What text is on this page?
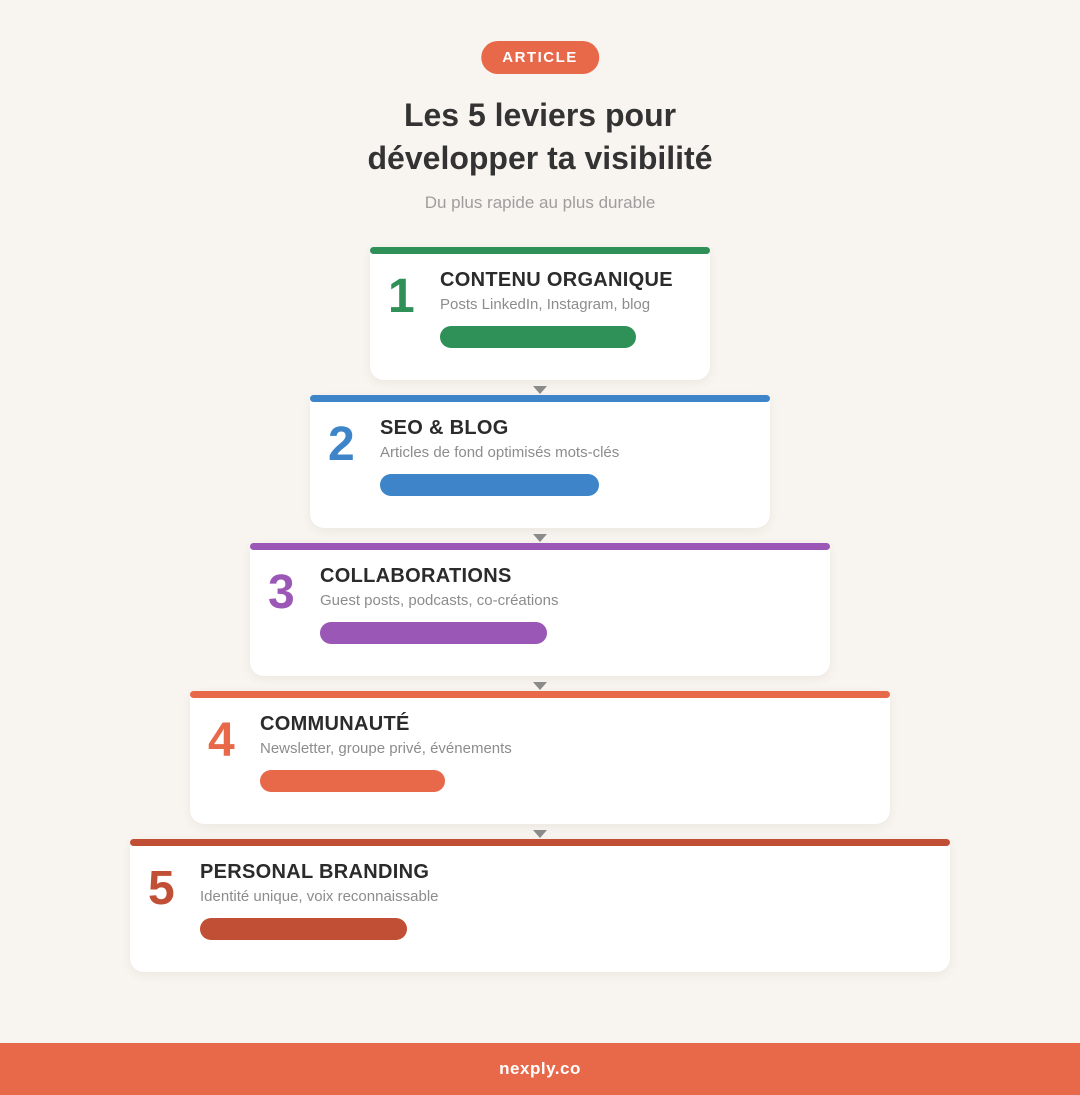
ARTICLE
Les 5 leviers pour développer ta visibilité
Du plus rapide au plus durable
1	CONTENU ORGANIQUE
Posts LinkedIn, Instagram, blog
2	SEO & BLOG
Articles de fond optimisés mots-clés
3	COLLABORATIONS
Guest posts, podcasts, co-créations
4	COMMUNAUTÉ
Newsletter, groupe privé, événements
5	PERSONAL BRANDING
Identité unique, voix reconnaissable
nexply.co
